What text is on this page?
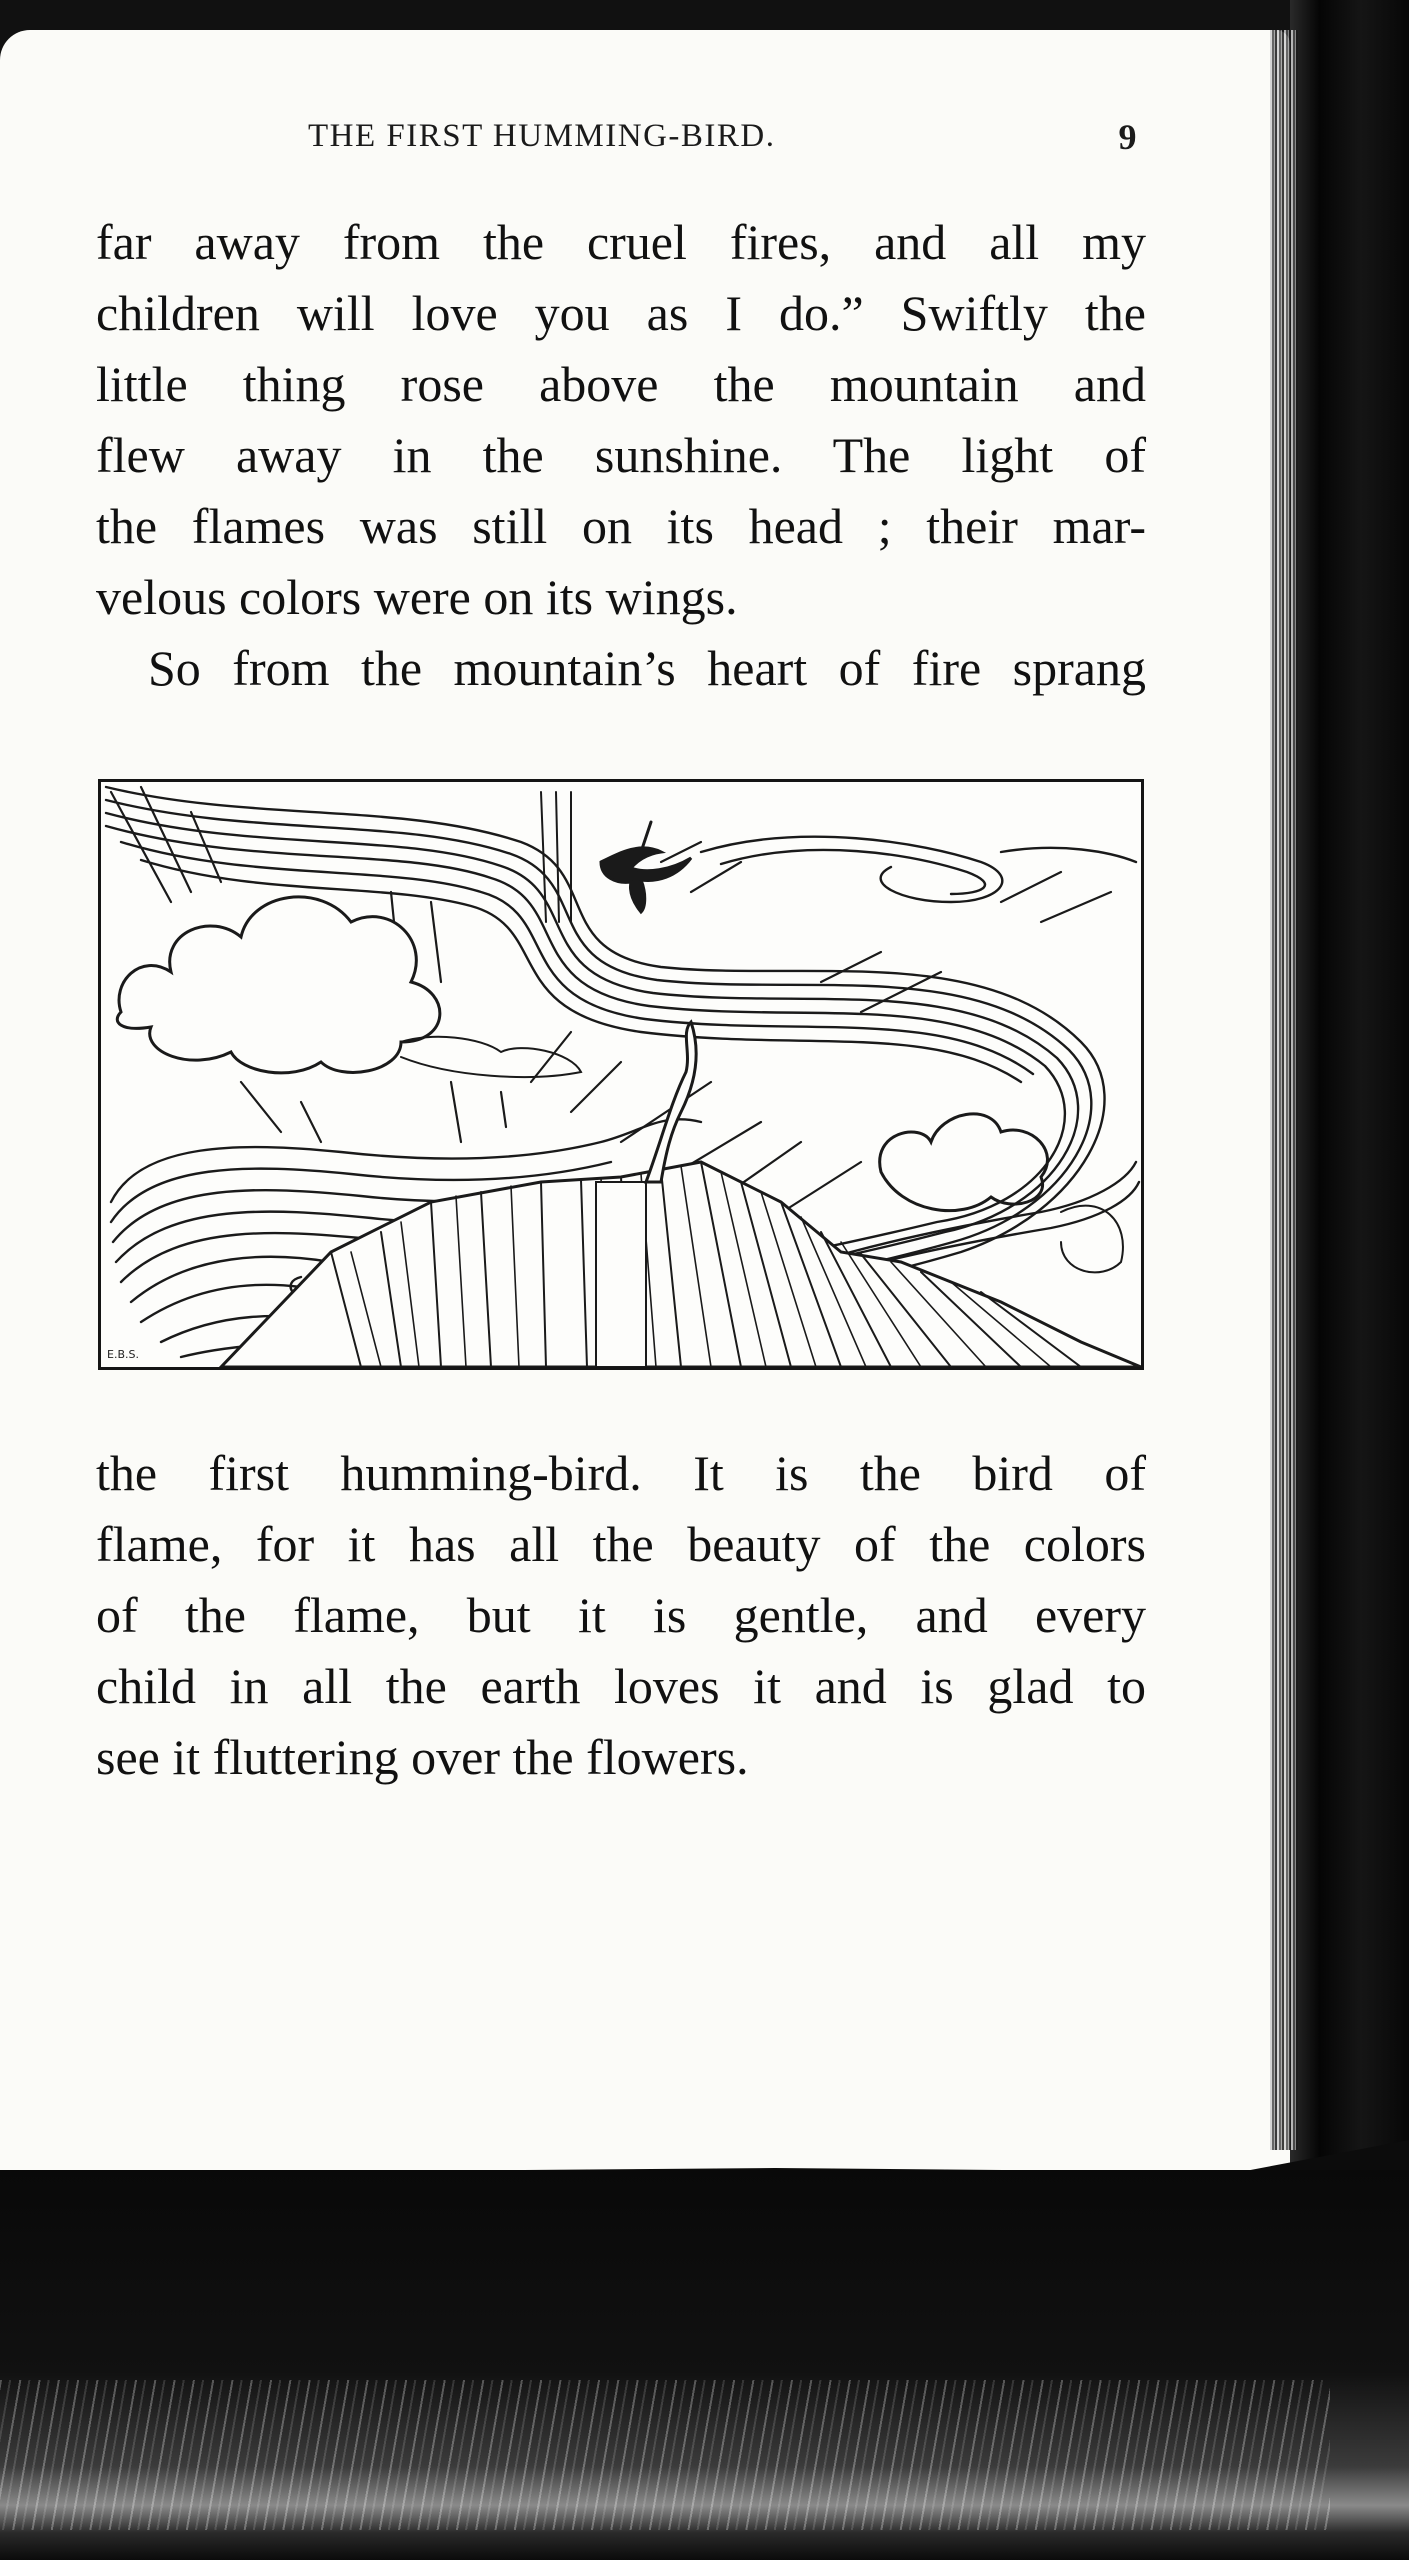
THE FIRST HUMMING-BIRD.	9
far away from the cruel fires, and all my
children will love you as I do.” Swiftly the
little thing rose above the mountain and
flew away in the sunshine. The light of
the flames was still on its head ; their mar-
velous colors were on its wings.
So from the mountain’s heart of fire sprang
E.B.S.
the first humming-bird. It is the bird of
flame, for it has all the beauty of the colors
of the flame, but it is gentle, and every
child in all the earth loves it and is glad to
see it fluttering over the flowers.
